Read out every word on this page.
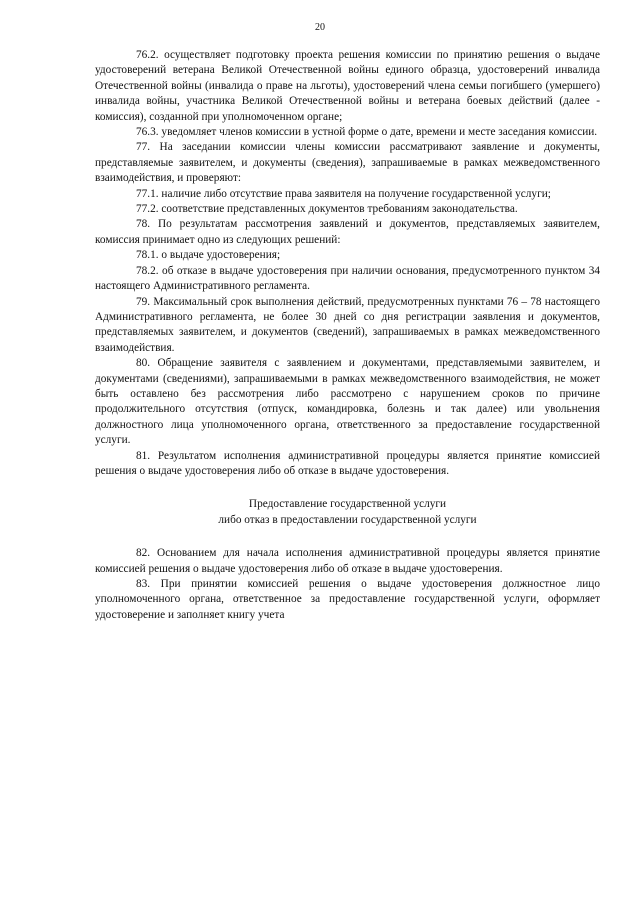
20

76.2. осуществляет подготовку проекта решения комиссии по принятию решения о выдаче удостоверений ветерана Великой Отечественной войны единого образца, удостоверений инвалида Отечественной войны (инвалида о праве на льготы), удостоверений члена семьи погибшего (умершего) инвалида войны, участника Великой Отечественной войны и ветерана боевых действий (далее - комиссия), созданной при уполномоченном органе;

76.3. уведомляет членов комиссии в устной форме о дате, времени и месте заседания комиссии.

77. На заседании комиссии члены комиссии рассматривают заявление и документы, представляемые заявителем, и документы (сведения), запрашиваемые в рамках межведомственного взаимодействия, и проверяют:

77.1. наличие либо отсутствие права заявителя на получение государственной услуги;

77.2. соответствие представленных документов требованиям законодательства.

78. По результатам рассмотрения заявлений и документов, представляемых заявителем, комиссия принимает одно из следующих решений:

78.1. о выдаче удостоверения;

78.2. об отказе в выдаче удостоверения при наличии основания, предусмотренного пунктом 34 настоящего Административного регламента.

79. Максимальный срок выполнения действий, предусмотренных пунктами 76 – 78 настоящего Административного регламента, не более 30 дней со дня регистрации заявления и документов, представляемых заявителем, и документов (сведений), запрашиваемых в рамках межведомственного взаимодействия.

80. Обращение заявителя с заявлением и документами, представляемыми заявителем, и документами (сведениями), запрашиваемыми в рамках межведомственного взаимодействия, не может быть оставлено без рассмотрения либо рассмотрено с нарушением сроков по причине продолжительного отсутствия (отпуск, командировка, болезнь и так далее) или увольнения должностного лица уполномоченного органа, ответственного за предоставление государственной услуги.

81. Результатом исполнения административной процедуры является принятие комиссией решения о выдаче удостоверения либо об отказе в выдаче удостоверения.

Предоставление государственной услуги
либо отказ в предоставлении государственной услуги

82. Основанием для начала исполнения административной процедуры является принятие комиссией решения о выдаче удостоверения либо об отказе в выдаче удостоверения.

83. При принятии комиссией решения о выдаче удостоверения должностное лицо уполномоченного органа, ответственное за предоставление государственной услуги, оформляет удостоверение и заполняет книгу учета
